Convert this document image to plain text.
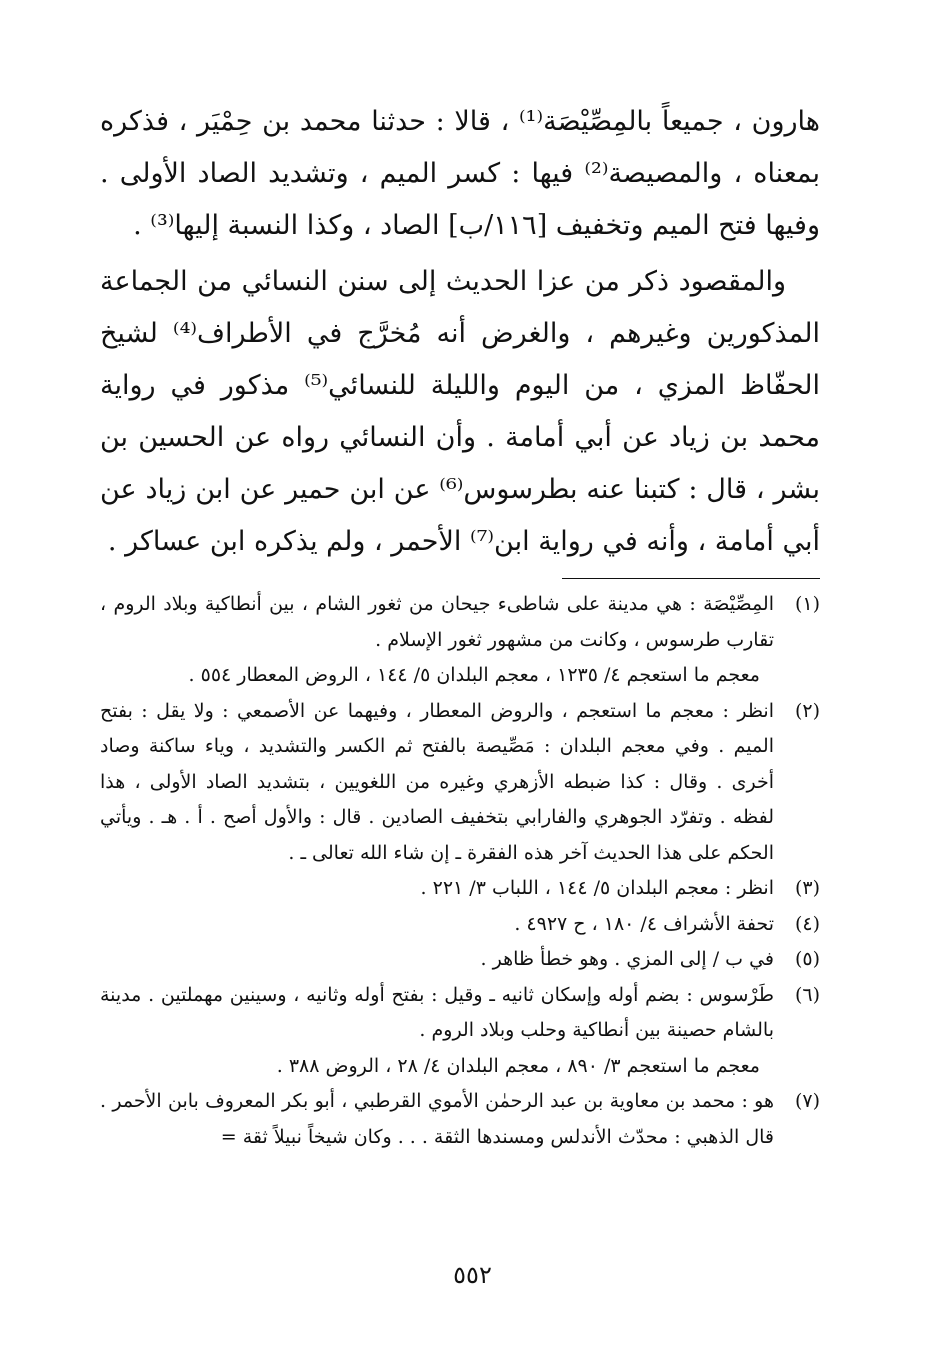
هارون ، جميعاً بالمِصِّيْصَة⁽¹⁾ ، قالا : حدثنا محمد بن حِمْيَر ، فذكره بمعناه ، والمصيصة⁽²⁾ فيها : كسر الميم ، وتشديد الصاد الأولى . وفيها فتح الميم وتخفيف [١١٦/ب] الصاد ، وكذا النسبة إليها⁽³⁾ .

والمقصود ذكر من عزا الحديث إلى سنن النسائي من الجماعة المذكورين وغيرهم ، والغرض أنه مُخرَّج في الأطراف⁽⁴⁾ لشيخ الحفّاظ المزي ، من اليوم والليلة للنسائي⁽⁵⁾ مذكور في رواية محمد بن زياد عن أبي أمامة . وأن النسائي رواه عن الحسين بن بشر ، قال : كتبنا عنه بطرسوس⁽⁶⁾ عن ابن حمير عن ابن زياد عن أبي أمامة ، وأنه في رواية ابن⁽⁷⁾ الأحمر ، ولم يذكره ابن عساكر .

(١)

المِصِّيْصَة : هي مدينة على شاطىء جيحان من ثغور الشام ، بين أنطاكية وبلاد الروم ، تقارب طرسوس ، وكانت من مشهور ثغور الإسلام .

معجم ما استعجم ٤/ ١٢٣٥ ، معجم البلدان ٥/ ١٤٤ ، الروض المعطار ٥٥٤ .

(٢)

انظر : معجم ما استعجم ، والروض المعطار ، وفيهما عن الأصمعي : ولا يقل : بفتح الميم . وفي معجم البلدان : مَصِّيصة بالفتح ثم الكسر والتشديد ، وياء ساكنة وصاد أخرى . وقال : كذا ضبطه الأزهري وغيره من اللغويين ، بتشديد الصاد الأولى ، هذا لفظه . وتفرّد الجوهري والفارابي بتخفيف الصادين . قال : والأول أصح . أ . هـ . ويأتي الحكم على هذا الحديث آخر هذه الفقرة ـ إن شاء الله تعالى ـ .

(٣)

انظر : معجم البلدان ٥/ ١٤٤ ، اللباب ٣/ ٢٢١ .

(٤)

تحفة الأشراف ٤/ ١٨٠ ، ح ٤٩٢٧ .

(٥)

في ب / إلى المزي . وهو خطأ ظاهر .

(٦)

طَرْسوس : بضم أوله وإسكان ثانيه ـ وقيل : بفتح أوله وثانيه ، وسينين مهملتين . مدينة بالشام حصينة بين أنطاكية وحلب وبلاد الروم .

معجم ما استعجم ٣/ ٨٩٠ ، معجم البلدان ٤/ ٢٨ ، الروض ٣٨٨ .

(٧)

هو : محمد بن معاوية بن عبد الرحمٰن الأموي القرطبي ، أبو بكر المعروف بابن الأحمر . قال الذهبي : محدّث الأندلس ومسندها الثقة . . . وكان شيخاً نبيلاً ثقة =

٥٥٢
